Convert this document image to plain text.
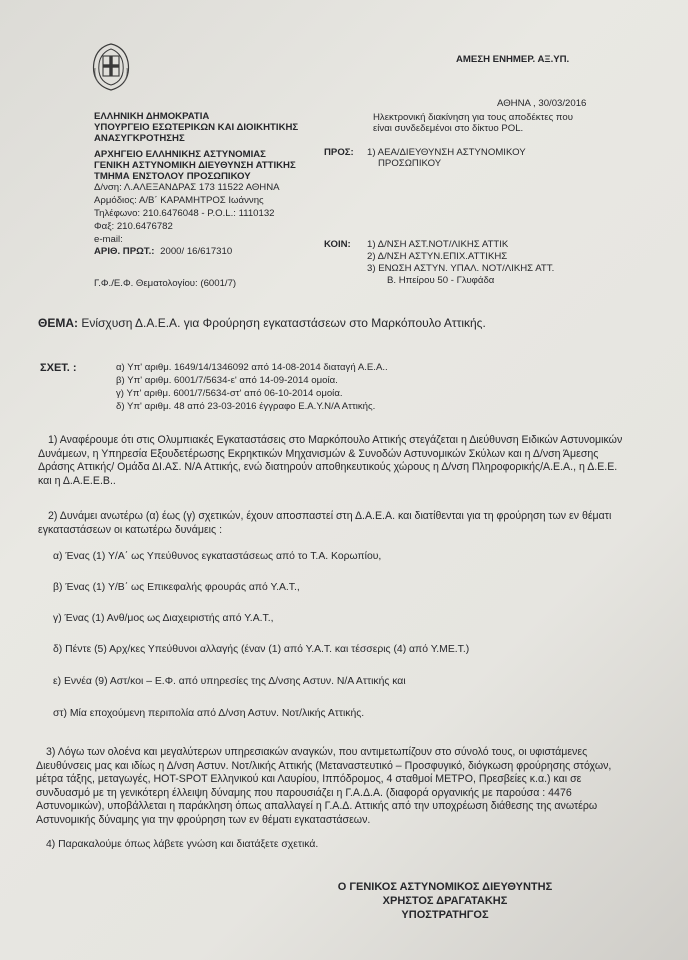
ΑΜΕΣΗ ΕΝΗΜΕΡ. ΑΞ.ΥΠ.
ΕΛΛΗΝΙΚΗ ΔΗΜΟΚΡΑΤΙΑ
ΥΠΟΥΡΓΕΙΟ ΕΣΩΤΕΡΙΚΩΝ ΚΑΙ ΔΙΟΙΚΗΤΙΚΗΣ
ΑΝΑΣΥΓΚΡΟΤΗΣΗΣ
ΑΡΧΗΓΕΙΟ ΕΛΛΗΝΙΚΗΣ ΑΣΤΥΝΟΜΙΑΣ
ΓΕΝΙΚΗ ΑΣΤΥΝΟΜΙΚΗ ΔΙΕΥΘΥΝΣΗ ΑΤΤΙΚΗΣ
ΤΜΗΜΑ ΕΝΣΤΟΛΟΥ ΠΡΟΣΩΠΙΚΟΥ
Δ/νση: Λ.ΑΛΕΞΑΝΔΡΑΣ 173 11522 ΑΘΗΝΑ
Αρμόδιος: Α/Β΄ ΚΑΡΑΜΗΤΡΟΣ Ιωάννης
Τηλέφωνο: 210.6476048 - P.O.L.: 1110132
Φαξ: 210.6476782
e-mail:
ΑΡΙΘ. ΠΡΩΤ.: 2000/ 16/617310
Γ.Φ./Ε.Φ. Θεματολογίου: (6001/7)
ΑΘΗΝΑ , 30/03/2016
Ηλεκτρονική διακίνηση για τους αποδέκτες που
είναι συνδεδεμένοι στο δίκτυο POL.
ΠΡΟΣ: 1) ΑΕΑ/ΔΙΕΥΘΥΝΣΗ ΑΣΤΥΝΟΜΙΚΟΥ
ΠΡΟΣΩΠΙΚΟΥ
ΚΟΙΝ: 1) Δ/ΝΣΗ ΑΣΤ.ΝΟΤ/ΛΙΚΗΣ ΑΤΤΙΚ
2) Δ/ΝΣΗ ΑΣΤΥΝ.ΕΠΙΧ.ΑΤΤΙΚΗΣ
3) ΕΝΩΣΗ ΑΣΤΥΝ. ΥΠΑΛ. ΝΟΤ/ΛΙΚΗΣ ΑΤΤ.
Β. Ηπείρου 50 - Γλυφάδα
ΘΕΜΑ: Ενίσχυση Δ.Α.Ε.Α. για Φρούρηση εγκαταστάσεων στο Μαρκόπουλο Αττικής.
ΣΧΕΤ. :	α) Υπ' αριθμ. 1649/14/1346092 από 14-08-2014 διαταγή Α.Ε.Α..
β) Υπ' αριθμ. 6001/7/5634-ε' από 14-09-2014 ομοία.
γ) Υπ' αριθμ. 6001/7/5634-στ' από 06-10-2014 ομοία.
δ) Υπ' αριθμ. 48 από 23-03-2016 έγγραφο Ε.Α.Υ.Ν/Α Αττικής.
1) Αναφέρουμε ότι στις Ολυμπιακές Εγκαταστάσεις στο Μαρκόπουλο Αττικής στεγάζεται η Διεύθυνση Ειδικών Αστυνομικών
Δυνάμεων, η Υπηρεσία Εξουδετέρωσης Εκρηκτικών Μηχανισμών & Συνοδών Αστυνομικών Σκύλων και η Δ/νση Άμεσης
Δράσης Αττικής/ Ομάδα ΔΙ.ΑΣ. Ν/Α Αττικής, ενώ διατηρούν αποθηκευτικούς χώρους η Δ/νση Πληροφορικής/Α.Ε.Α., η Δ.Ε.Ε.
και η Δ.Α.Ε.Ε.Β..
2) Δυνάμει ανωτέρω (α) έως (γ) σχετικών, έχουν αποσπαστεί στη Δ.Α.Ε.Α. και διατίθενται για τη φρούρηση των εν θέματι
εγκαταστάσεων οι κατωτέρω δυνάμεις :
α) Ένας (1) Υ/Α΄ ως Υπεύθυνος εγκαταστάσεως από το Τ.Α. Κορωπίου,
β) Ένας (1) Υ/Β΄ ως Επικεφαλής φρουράς από Υ.Α.Τ.,
γ) Ένας (1) Ανθ/μος ως Διαχειριστής από Υ.Α.Τ.,
δ) Πέντε (5) Αρχ/κες Υπεύθυνοι αλλαγής (έναν (1) από Υ.Α.Τ. και τέσσερις (4) από Υ.ΜΕ.Τ.)
ε) Εννέα (9) Αστ/κοι – Ε.Φ. από υπηρεσίες της Δ/νσης Αστυν. Ν/Α Αττικής και
στ) Μία εποχούμενη περιπολία από Δ/νση Αστυν. Νοτ/λικής Αττικής.
3) Λόγω των ολοένα και μεγαλύτερων υπηρεσιακών αναγκών, που αντιμετωπίζουν στο σύνολό τους, οι υφιστάμενες
Διευθύνσεις μας και ιδίως η Δ/νση Αστυν. Νοτ/λικής Αττικής (Μεταναστευτικό – Προσφυγικό, διόγκωση φρούρησης στόχων,
μέτρα τάξης, μεταγωγές, HOT-SPOT Ελληνικού και Λαυρίου, Ιππόδρομος, 4 σταθμοί ΜΕΤΡΟ, Πρεσβείες κ.α.) και σε
συνδυασμό με τη γενικότερη έλλειψη δύναμης που παρουσιάζει η Γ.Α.Δ.Α. (διαφορά οργανικής με παρούσα : 4476
Αστυνομικών), υποβάλλεται η παράκληση όπως απαλλαγεί η Γ.Α.Δ. Αττικής από την υποχρέωση διάθεσης της ανωτέρω
Αστυνομικής δύναμης για την φρούρηση των εν θέματι εγκαταστάσεων.
4) Παρακαλούμε όπως λάβετε γνώση και διατάξετε σχετικά.
Ο ΓΕΝΙΚΟΣ ΑΣΤΥΝΟΜΙΚΟΣ ΔΙΕΥΘΥΝΤΗΣ
ΧΡΗΣΤΟΣ ΔΡΑΓΑΤΑΚΗΣ
ΥΠΟΣΤΡΑΤΗΓΟΣ
